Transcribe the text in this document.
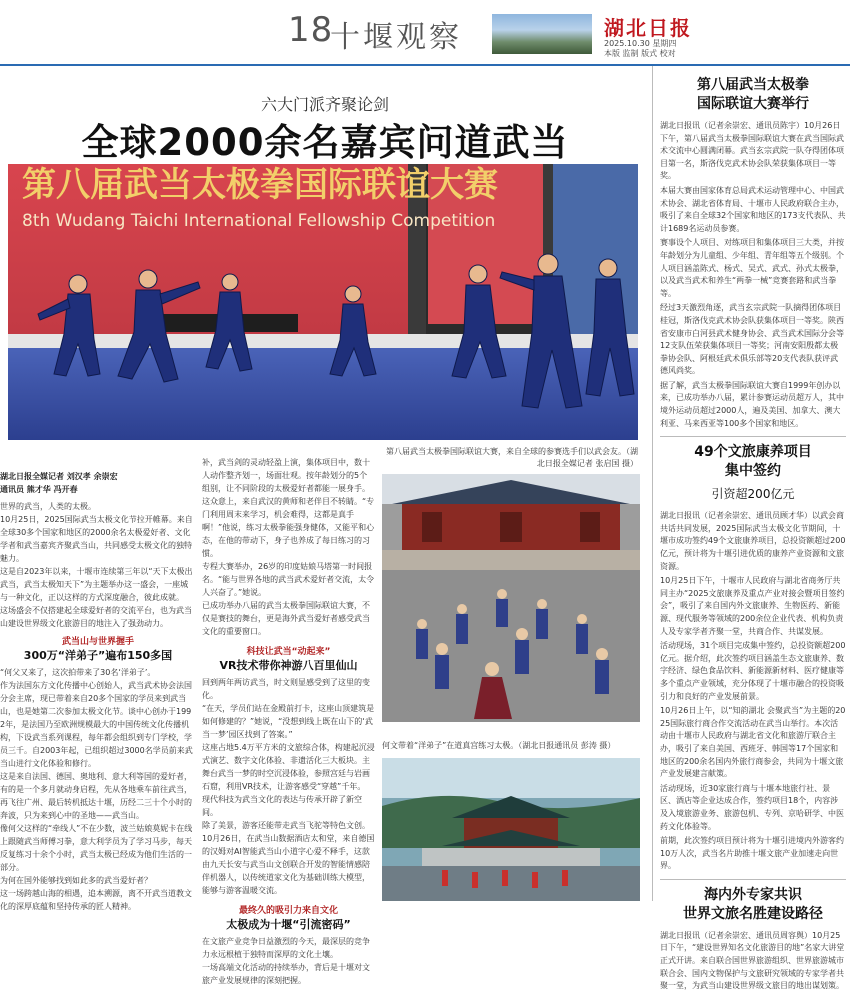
18
十堰观察	湖北日报
2025.10.30 星期四
本版 监制 版式 校对
六大门派齐聚论剑
全球2000余名嘉宾问道武当
第八届武当太极拳国际联谊大赛
8th Wudang Taichi International Fellowship Competition
第八届武当太极拳国际联谊大赛，来自全球的参赛选手们以武会友。（湖北日报全媒记者 张启国 摄）
湖北日报全媒记者 刘汉孝 余崇宏
通讯员 熊才华 冯开春

世界的武当，人类的太极。

10月25日，2025国际武当太极文化节拉开帷幕。来自全球30多个国家和地区的2000余名太极爱好者、文化学者和武当嘉宾齐聚武当山，共同感受太极文化的独特魅力。

这是自2023年以来，十堰市连续第三年以“天下太极出武当，武当太极知天下”为主题举办这一盛会，一座城与一种文化，正以这样的方式深度融合，彼此成就。

这场盛会不仅搭建起全球爱好者的交流平台，也为武当山建设世界级文化旅游目的地注入了强劲动力。

武当山与世界握手
300万“洋弟子”遍布150多国

“何父又来了，这次拍带来了30名‘洋弟子’。

作为法国东方文化传播中心创始人，武当武术协会法国分会主席，现已带着来自20多个国家的学员来到武当山，也是她第二次参加太极文化节。谈中心创办于1992年，是法国乃至欧洲规模最大的中国传统文化传播机构，下设武当系列课程，每年都会组织到专门学校，学员三千。自2003年起，已组织超过3000名学员前来武当山进行文化体验和修行。

这是来自法国、德国、奥地利、意大利等国的爱好者，有的是一个多月就动身启程，先从各地乘车前往武当，再飞往广州、最后转机抵达十堰，历经二三十个小时的奔波，只为来到心中的圣地——武当山。

像何父这样的“牵线人”不在少数，波兰姑娘莫妮卡在线上跟随武当师傅习拳，意大利学员为了学习马步，每天反复练习十余个小时，武当太极已经成为他们生活的一部分。

为何在国外能够找到如此多的武当爱好者？

这一场跨越山海的相遇，追本溯源，离不开武当道教文化的深厚底蕴和坚持传承的匠人精神。

补，武当剑的灵动轻盈上演，集体项目中，数十人动作整齐划一，场面壮观。按年龄划分的5个组别，让不同阶段的太极爱好者都能一展身手。

这众意上，来自武汉的黄师和老伴目不转睛。“专门利用周末来学习，机会难得，这都是真手啊！”他说，练习太极拳能强身健体，又能平和心态，在他的带动下，身子也养成了每日练习的习惯。

专程大赛举办，26岁的印度姑娘马塔第一时间报名。“能与世界各地的武当武术爱好者交流，太令人兴奋了。”她说。

已成功举办八届的武当太极拳国际联谊大赛，不仅是赛技的舞台，更是海外武当爱好者感受武当文化的重要窗口。

科技让武当“动起来”
VR技术带你神游八百里仙山

回到两年两访武当，时文则显感受到了这里的变化。

“在天，学员们站在金殿前打卡，这座山顶建筑是如何修建的？”她说，“没想到线上既在山下的‘武当一梦’园区找到了答案。”

这座占地5.4万平方米的文旅综合体，构建起沉浸式演艺、数字文化体验、非遗活化三大板块。主舞台武当一梦的时空沉浸体验，参照宫廷与岩画石窟，利用VR技术，让游客感受“穿越”千年。

现代科技为武当文化的表达与传承开辟了新空间。

除了美景，游客还能带走武当飞驼等特色文创。10月26日，在武当山数据酒店太和堂，来自德国的汉姆对AI智能武当山小道字心爱不释手，这款由九天长安与武当山文创联合开发的智能情感陪伴机器人，以传统道家文化为基础训练大模型，能够与游客温暖交流。

最终久的吸引力来自文化
太极成为十堰“引流密码”

在文旅产业竞争日益激烈的今天，最深层的竞争力永远根植于独特而深厚的文化土壤。

一场高端文化活动的持续举办，背后是十堰对文旅产业发展规律的深刻把握。

何文带着“洋弟子”在道真宫练习太极。（湖北日报通讯员 彭涛 摄）
第八届武当太极拳
国际联谊大赛举行

湖北日报讯（记者余崇宏、通讯员陈宇）10月26日下午，第八届武当太极拳国际联谊大赛在武当国际武术交流中心圆满闭幕。武当玄宗武院一队夺得团体项目第一名，斯洛伐克武术协会队荣获集体项目一等奖。

本届大赛由国家体育总局武术运动管理中心、中国武术协会、湖北省体育局、十堰市人民政府联合主办，吸引了来自全球32个国家和地区的173支代表队、共计1689名运动员参赛。

赛事设个人项目、对练项目和集体项目三大类，并按年龄划分为儿童组、少年组、青年组等五个级别。个人项目涵盖陈式、杨式、吴式、武式、孙式太极拳，以及武当武术和养生“两拳一械”竞赛套路和武当拳等。

经过3天激烈角逐，武当玄宗武院一队摘得团体项目桂冠，斯洛伐克武术协会队获集体项目一等奖。陕西省安康市白河县武术健身协会、武当武术国际分会等12支队伍荣获集体项目一等奖；河南安阳殷都太极拳协会队、阿根廷武术俱乐部等20支代表队获评武德风尚奖。

据了解，武当太极拳国际联谊大赛自1999年创办以来，已成功举办八届，累计参赛运动员超万人，其中境外运动员超过2000人，遍及美国、加拿大、澳大利亚、马来西亚等100多个国家和地区。

49个文旅康养项目
集中签约
引资超200亿元

湖北日报讯（记者余崇宏、通讯员顾才华）以武会商共话共同发展，2025国际武当太极文化节期间，十堰市成功签约49个文旅康养项目，总投资额超过200亿元，预计将为十堰引进优质的康养产业资源和文旅资源。

10月25日下午，十堰市人民政府与湖北省商务厅共同主办“2025文旅康养及重点产业对接会暨项目签约会”，吸引了来自国内外文旅康养、生物医药、新能源、现代服务等领域的200余位企业代表、机构负责人及专家学者齐聚一堂，共商合作、共谋发展。

活动现场，31个项目完成集中签约，总投资额超200亿元。据介绍，此次签约项目涵盖生态文旅康养、数字经济、绿色食品饮料、新能源新材料、医疗健康等多个重点产业领域，充分体现了十堰市融合的投资吸引力和良好的产业发展前景。

10月26日上午，以“知韵湖北 会聚武当”为主题的2025国际旅行商合作交流活动在武当山举行。本次活动由十堰市人民政府与湖北省文化和旅游厅联合主办，吸引了来自美国、西班牙、韩国等17个国家和地区的200余名国内外旅行商参会，共同为十堰文旅产业发展建言献策。

活动现场，近30家旅行商与十堰本地旅行社、景区、酒店等企业达成合作，签约项目18个，内容涉及入境旅游业务、旅游包机、专列、京哈研学、中医药文化体验等。

前期，此次签约项目预计将为十堰引进境内外游客约10万人次，武当名片助推十堰文旅产业加速走向世界。

海内外专家共识
世界文旅名胜建设路径

湖北日报讯（记者余崇宏、通讯员周容舆）10月25日下午，“建设世界知名文化旅游目的地”名家大讲堂正式开讲。来自联合国世界旅游组织、世界旅游城市联合会、国内文物保护与文旅研究领域的专家学者共聚一堂，为武当山建设世界级文旅目的地出谋划策。
